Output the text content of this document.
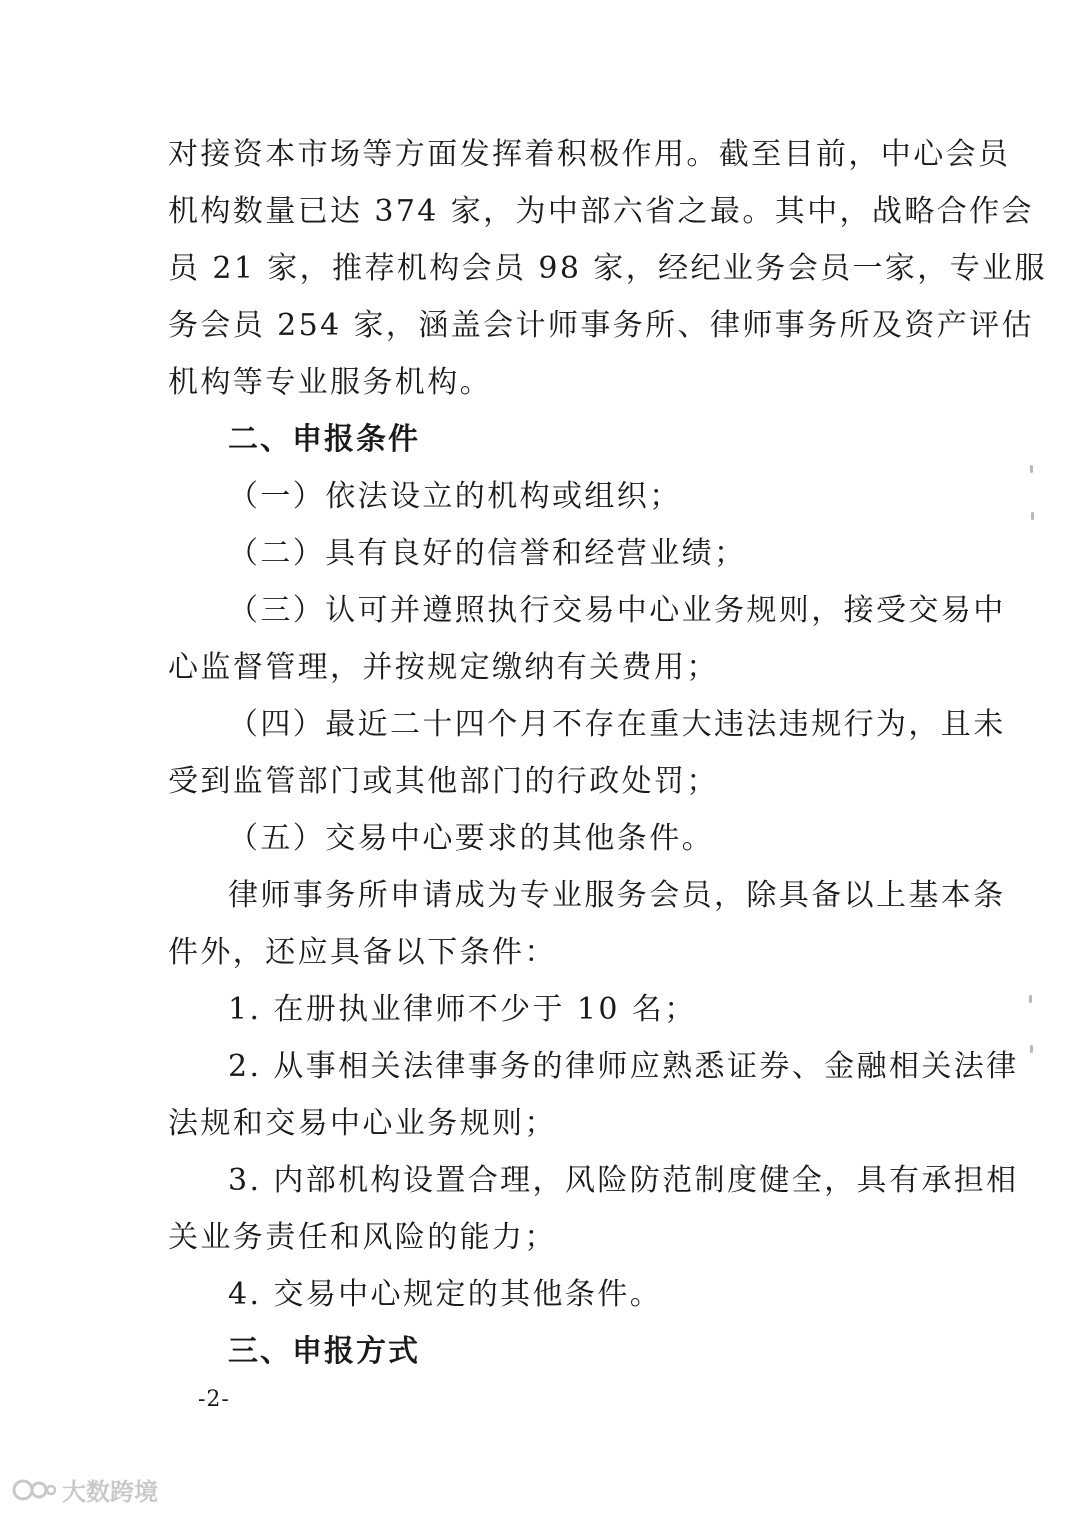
对接资本市场等方面发挥着积极作用。截至目前，中心会员
机构数量已达 374 家，为中部六省之最。其中，战略合作会
员 21 家，推荐机构会员 98 家，经纪业务会员一家，专业服
务会员 254 家，涵盖会计师事务所、律师事务所及资产评估
机构等专业服务机构。
二、申报条件
（一）依法设立的机构或组织；
（二）具有良好的信誉和经营业绩；
（三）认可并遵照执行交易中心业务规则，接受交易中
心监督管理，并按规定缴纳有关费用；
（四）最近二十四个月不存在重大违法违规行为，且未
受到监管部门或其他部门的行政处罚；
（五）交易中心要求的其他条件。
律师事务所申请成为专业服务会员，除具备以上基本条
件外，还应具备以下条件：
1. 在册执业律师不少于 10 名；
2. 从事相关法律事务的律师应熟悉证券、金融相关法律
法规和交易中心业务规则；
3. 内部机构设置合理，风险防范制度健全，具有承担相
关业务责任和风险的能力；
4. 交易中心规定的其他条件。
三、申报方式
-2-
大数跨境
